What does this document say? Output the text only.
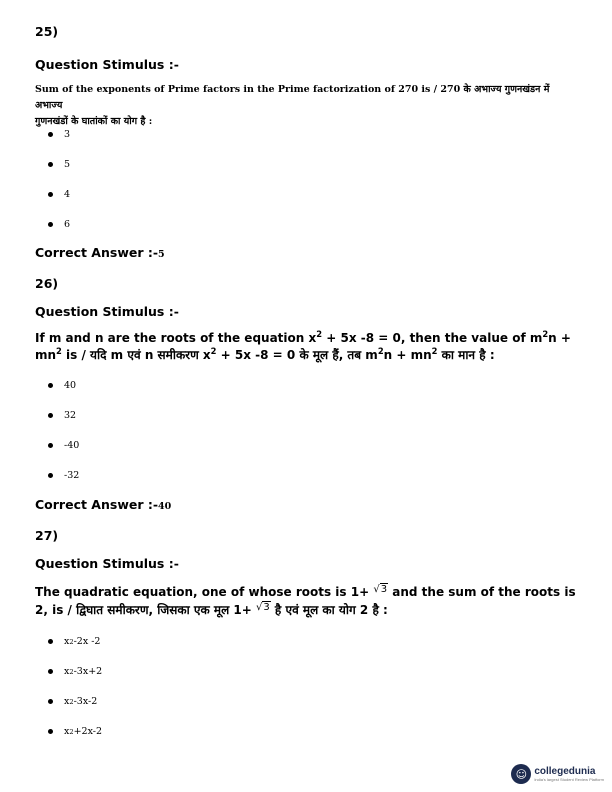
25)
Question Stimulus :-
Sum of the exponents of Prime factors in the Prime factorization of 270 is / 270 के अभाज्य गुणनखंडन में अभाज्य
गुणनखंडों के घातांकों का योग है :
3
5
4
6
Correct Answer :-5
26)
Question Stimulus :-
If m and n are the roots of the equation $x^2 + 5x$ -8 = 0, then the value of $m^2n$ +
$mn^2$ is / यदि m एवं n समीकरण $x^2 + 5x$ -8 = 0 के मूल हैं, तब $m^2n + mn^2$ का मान है :
40
32
-40
-32
Correct Answer :-40
27)
Question Stimulus :-
The quadratic equation, one of whose roots is 1+ √3 and the sum of the roots is
2, is / द्विघात समीकरण, जिसका एक मूल 1+ √3 है एवं मूल का योग 2 है :
x 2 -2x -2
x 2 -3x+2
x 2 -3x-2
x 2 +2x-2
☺ collegedunia
India's largest Student Review Platform
